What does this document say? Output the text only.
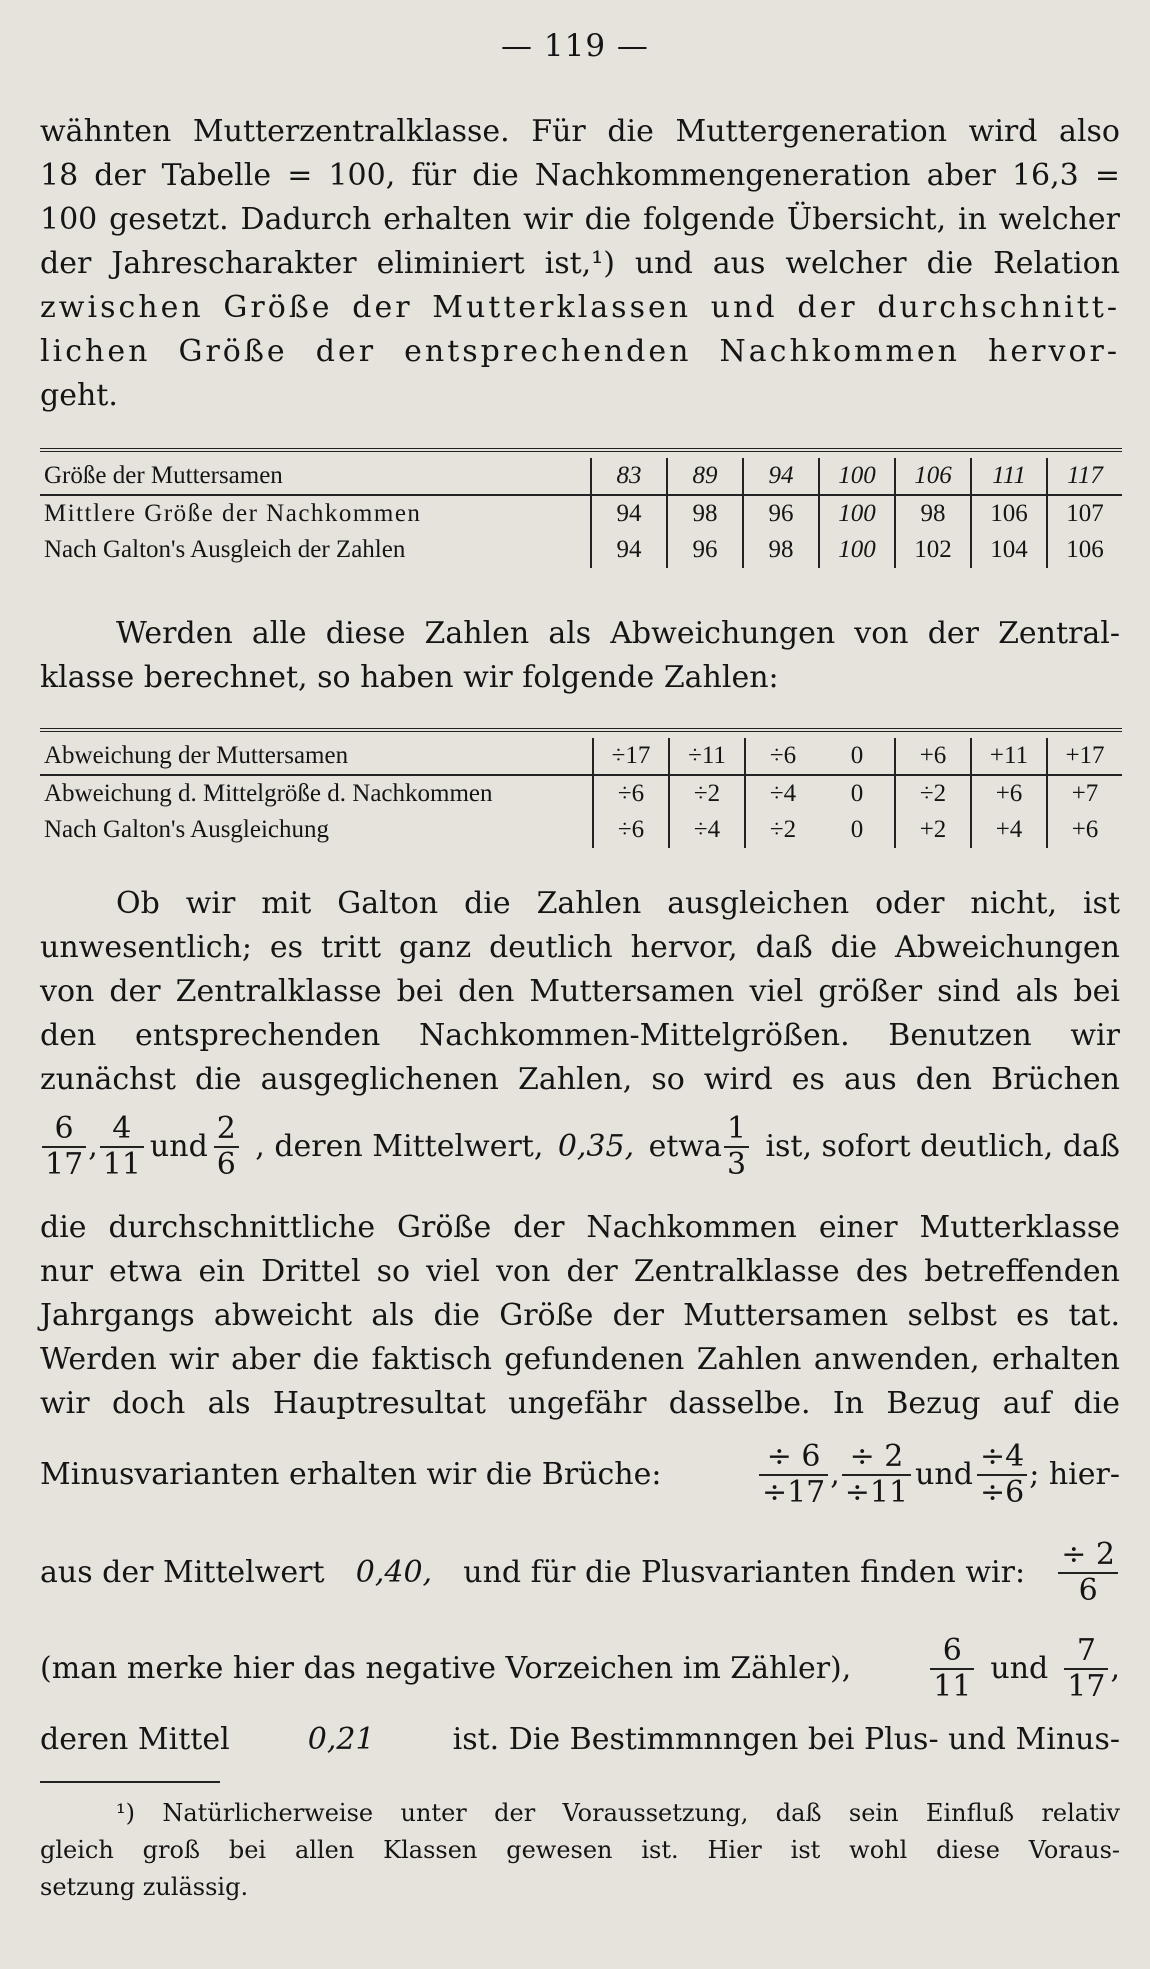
— 119 —
wähnten Mutterzentralklasse. Für die Muttergeneration wird also
18 der Tabelle = 100, für die Nachkommengeneration aber 16,3 =
100 gesetzt. Dadurch erhalten wir die folgende Übersicht, in welcher
der Jahrescharakter eliminiert ist,¹) und aus welcher die Relation
zwischen Größe der Mutterklassen und der durchschnitt-
lichen Größe der entsprechenden Nachkommen hervor-
geht.
Größe der Muttersamen	83	89	94	100	106	111	117
Mittlere Größe der Nachkommen	94	98	96	100	98	106	107
Nach Galton's Ausgleich der Zahlen	94	96	98	100	102	104	106
Werden alle diese Zahlen als Abweichungen von der Zentral-
klasse berechnet, so haben wir folgende Zahlen:
Abweichung der Muttersamen	÷17	÷11	÷6	0	+6	+11	+17
Abweichung d. Mittelgröße d. Nachkommen	÷6	÷2	÷4	0	÷2	+6	+7
Nach Galton's Ausgleichung	÷6	÷4	÷2	0	+2	+4	+6
Ob wir mit Galton die Zahlen ausgleichen oder nicht, ist
unwesentlich; es tritt ganz deutlich hervor, daß die Abweichungen
von der Zentralklasse bei den Muttersamen viel größer sind als bei
den entsprechenden Nachkommen-Mittelgrößen. Benutzen wir
zunächst die ausgeglichenen Zahlen, so wird es aus den Brüchen
$\frac{6}{17}$ , $\frac{4}{11}$ und $\frac{2}{6}$ , deren Mittelwert, 0,35, etwa $\frac{1}{3}$ ist, sofort deutlich, daß
die durchschnittliche Größe der Nachkommen einer Mutterklasse
nur etwa ein Drittel so viel von der Zentralklasse des betreffenden
Jahrgangs abweicht als die Größe der Muttersamen selbst es tat.
Werden wir aber die faktisch gefundenen Zahlen anwenden, erhalten
wir doch als Hauptresultat ungefähr dasselbe. In Bezug auf die
Minusvarianten erhalten wir die Brüche:	$\frac{\div 6}{\div 17}$ , $\frac{\div 2}{\div 11}$ und $\frac{\div 4}{\div 6}$ ; hier-
aus der Mittelwert 0,40, und für die Plusvarianten finden wir: $\frac{\div 2}{6}$
(man merke hier das negative Vorzeichen im Zähler),	$\frac{6}{11}$ und $\frac{7}{17}$ ,
deren Mittel	0,21	ist. Die Bestimmnngen bei Plus- und Minus-
¹) Natürlicherweise unter der Voraussetzung, daß sein Einfluß relativ
gleich groß bei allen Klassen gewesen ist. Hier ist wohl diese Voraus-
setzung zulässig.
